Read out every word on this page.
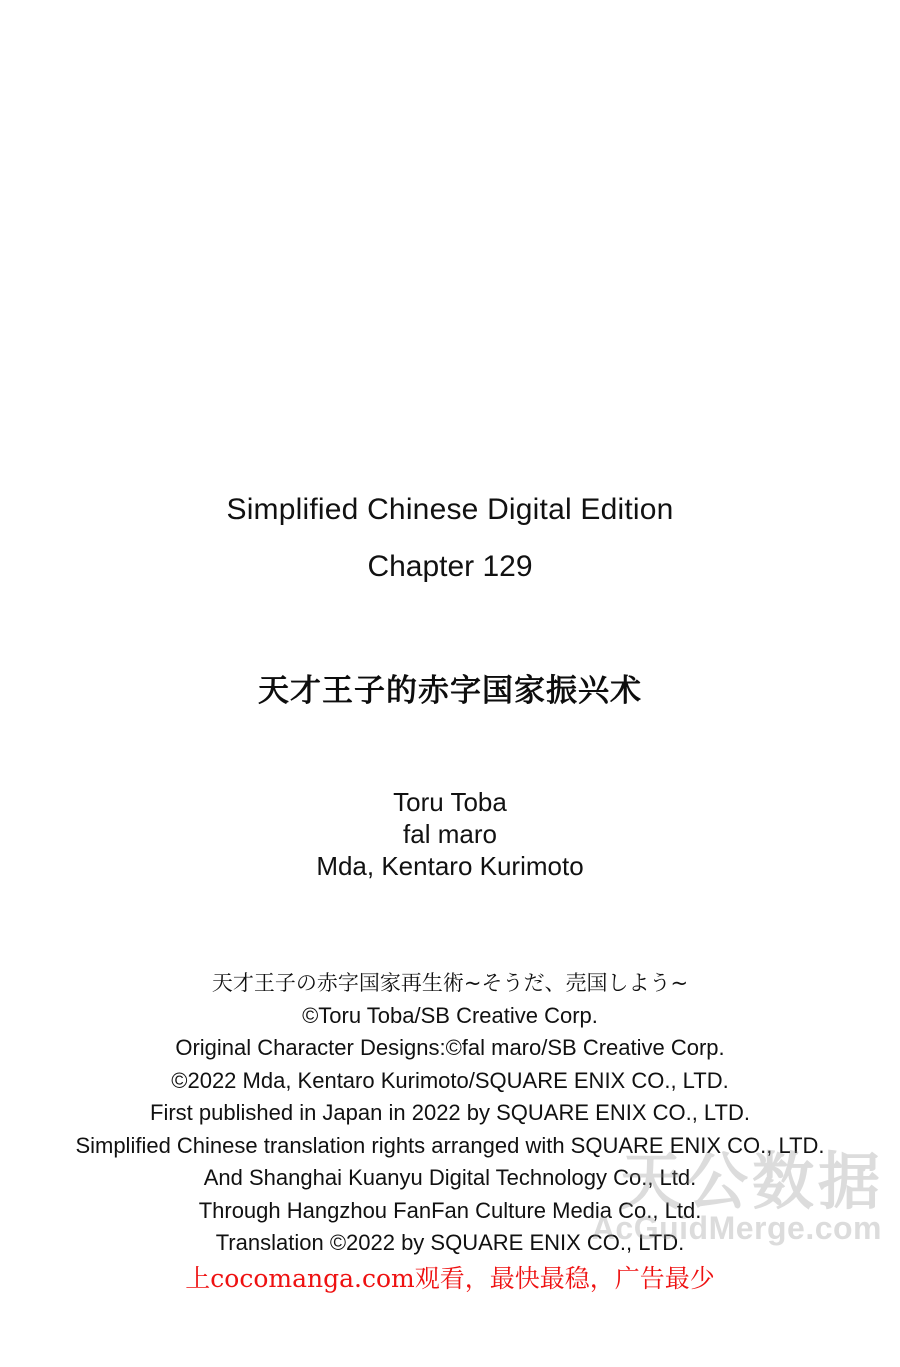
Simplified Chinese Digital Edition
Chapter 129
天才王子的赤字国家振兴术
Toru Toba
fal maro
Mda, Kentaro Kurimoto
天才王子の赤字国家再生術~そうだ、売国しよう~
©Toru Toba/SB Creative Corp.
Original Character Designs:©fal maro/SB Creative Corp.
©2022 Mda, Kentaro Kurimoto/SQUARE ENIX CO., LTD.
First published in Japan in 2022 by SQUARE ENIX CO., LTD.
Simplified Chinese translation rights arranged with SQUARE ENIX CO., LTD.
And Shanghai Kuanyu Digital Technology Co., Ltd.
Through Hangzhou FanFan Culture Media Co., Ltd.
Translation ©2022 by SQUARE ENIX CO., LTD.
上cocomanga.com观看，最快最稳，广告最少
天公数据
AcGuidMerge.com
